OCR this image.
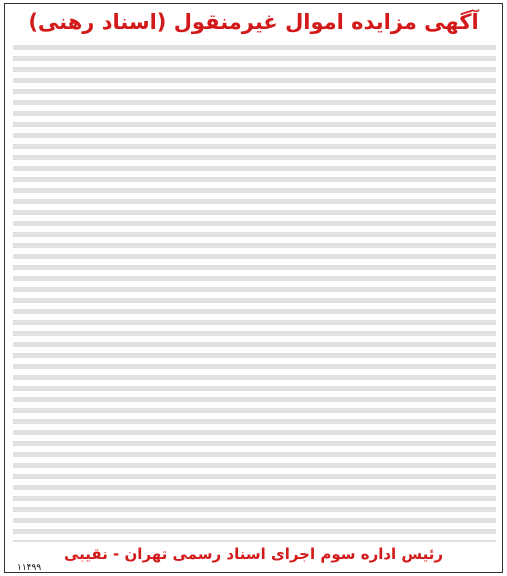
آگهی مزایده اموال غیرمنقول (اسناد رهنی)
رئیس اداره سوم اجرای اسناد رسمی تهران - نقیبی
۱۱۴۹۹
